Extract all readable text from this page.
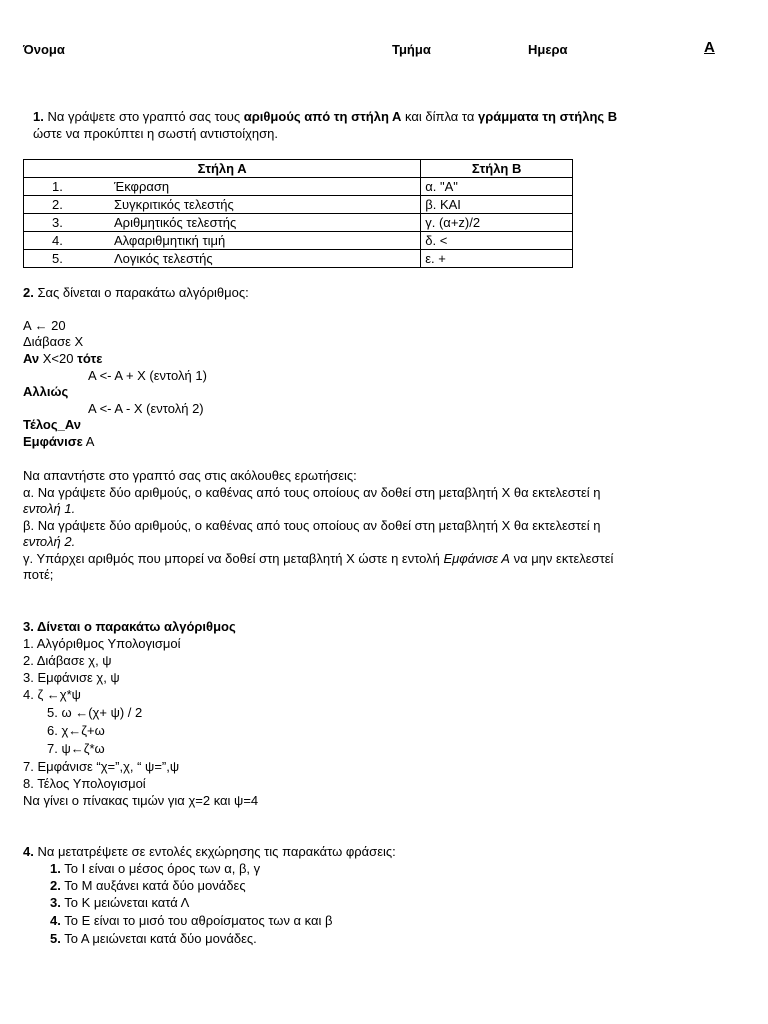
Όνομα	Τμήμα	Ημερα	Α
1. Να γράψετε στο γραπτό σας τους αριθμούς από τη στήλη Α και δίπλα τα γράμματα τη στήλης Β
ώστε να προκύπτει η σωστή αντιστοίχηση.
Στήλη Α	Στήλη Β
1. Έκφραση	α. "Α"
2. Συγκριτικός τελεστής	β. ΚΑΙ
3. Αριθμητικός τελεστής	γ. (α+z)/2
4. Αλφαριθμητική τιμή	δ. <
5. Λογικός τελεστής	ε. +
2. Σας δίνεται ο παρακάτω αλγόριθμος:
Α ← 20
Διάβασε Χ
Αν Χ<20 τότε
Α <- Α + Χ (εντολή 1)
Αλλιώς
Α <- Α - Χ (εντολή 2)
Τέλος_Αν
Εμφάνισε Α
Να απαντήστε στο γραπτό σας στις ακόλουθες ερωτήσεις:
α. Να γράψετε δύο αριθμούς, ο καθένας από τους οποίους αν δοθεί στη μεταβλητή Χ θα εκτελεστεί η
εντολή 1.
β. Να γράψετε δύο αριθμούς, ο καθένας από τους οποίους αν δοθεί στη μεταβλητή Χ θα εκτελεστεί η
εντολή 2.
γ. Υπάρχει αριθμός που μπορεί να δοθεί στη μεταβλητή Χ ώστε η εντολή Εμφάνισε Α να μην εκτελεστεί
ποτέ;
3. Δίνεται ο παρακάτω αλγόριθμος
1. Αλγόριθμος Υπολογισμοί
2. Διάβασε χ, ψ
3. Εμφάνισε χ, ψ
4. ζ ←χ*ψ
5. ω ←(χ+ ψ) / 2
6. χ←ζ+ω
7. ψ←ζ*ω
7. Εμφάνισε “χ=”,χ, “ ψ=”,ψ
8. Τέλος Υπολογισμοί
Να γίνει ο πίνακας τιμών για χ=2 και ψ=4
4. Να μετατρέψετε σε εντολές εκχώρησης τις παρακάτω φράσεις:
1. Το Ι είναι ο μέσος όρος των α, β, γ
2. Το Μ αυξάνει κατά δύο μονάδες
3. Το Κ μειώνεται κατά Λ
4. Το Ε είναι το μισό του αθροίσματος των α και β
5. Το Α μειώνεται κατά δύο μονάδες.
